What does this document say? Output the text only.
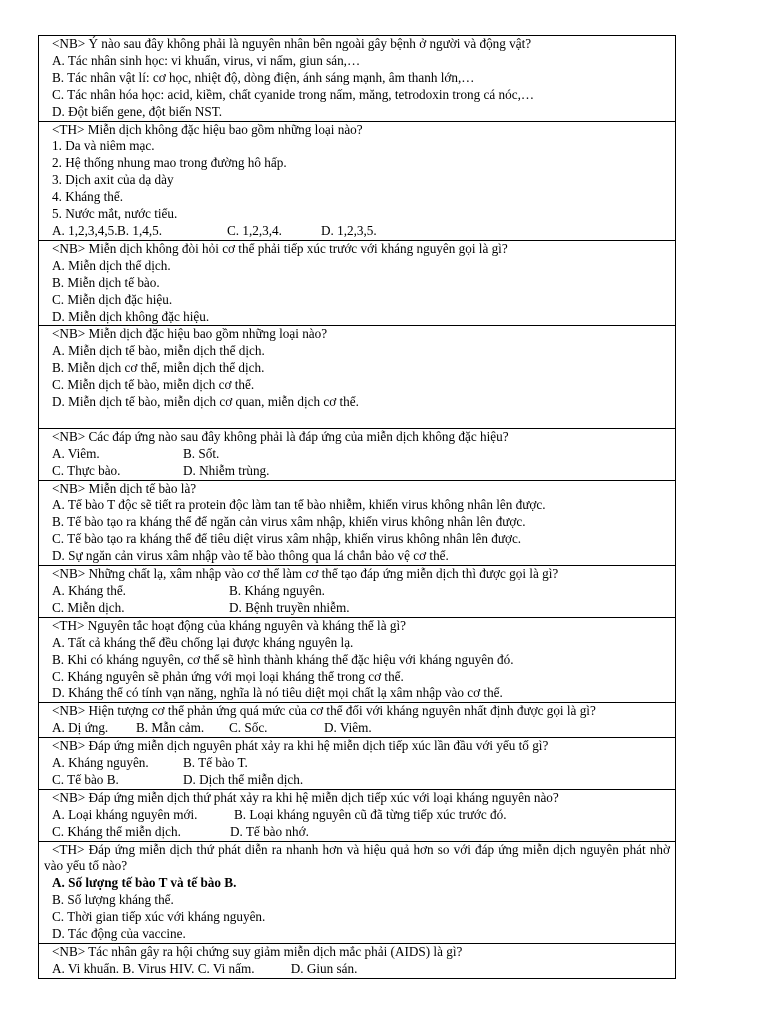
<NB> Ý nào sau đây không phải là nguyên nhân bên ngoài gây bệnh ở người và động vật?
A. Tác nhân sinh học: vi khuẩn, virus, vi nấm, giun sán,…
B. Tác nhân vật lí: cơ học, nhiệt độ, dòng điện, ánh sáng mạnh, âm thanh lớn,…
C. Tác nhân hóa học: acid, kiềm, chất cyanide trong nấm, măng, tetrodoxin trong cá nóc,…
D. Đột biến gene, đột biến NST.

<TH> Miễn dịch không đặc hiệu bao gồm những loại nào?
1. Da và niêm mạc.
2. Hệ thống nhung mao trong đường hô hấp.
3. Dịch axit của dạ dày
4. Kháng thể.
5. Nước mắt, nước tiểu.
A. 1,2,3,4,5.B. 1,4,5.	C. 1,2,3,4.	D. 1,2,3,5.

<NB> Miễn dịch không đòi hỏi cơ thể phải tiếp xúc trước với kháng nguyên gọi là gì?
A. Miễn dịch thể dịch.
B. Miễn dịch tế bào.
C. Miễn dịch đặc hiệu.
D. Miễn dịch không đặc hiệu.

<NB> Miễn dịch đặc hiệu bao gồm những loại nào?
A. Miễn dịch tế bào, miễn dịch thể dịch.
B. Miễn dịch cơ thể, miễn dịch thể dịch.
C. Miễn dịch tế bào, miễn dịch cơ thể.
D. Miễn dịch tế bào, miễn dịch cơ quan, miễn dịch cơ thể.

<NB> Các đáp ứng nào sau đây không phải là đáp ứng của miễn dịch không đặc hiệu?
A. Viêm.	B. Sốt.
C. Thực bào.	D. Nhiễm trùng.

<NB> Miễn dịch tế bào là?
A. Tế bào T độc sẽ tiết ra protein độc làm tan tế bào nhiễm, khiến virus không nhân lên được.
B. Tế bào tạo ra kháng thể để ngăn cản virus xâm nhập, khiến virus không nhân lên được.
C. Tế bào tạo ra kháng thể để tiêu diệt virus xâm nhập, khiến virus không nhân lên được.
D. Sự ngăn cản virus xâm nhập vào tế bào thông qua lá chắn bảo vệ cơ thể.

<NB> Những chất lạ, xâm nhập vào cơ thể làm cơ thể tạo đáp ứng miễn dịch thì được gọi là gì?
A. Kháng thể.	B. Kháng nguyên.
C. Miễn dịch.	D. Bệnh truyền nhiễm.

<TH> Nguyên tắc hoạt động của kháng nguyên và kháng thể là gì?
A. Tất cả kháng thể đều chống lại được kháng nguyên lạ.
B. Khi có kháng nguyên, cơ thể sẽ hình thành kháng thể đặc hiệu với kháng nguyên đó.
C. Kháng nguyên sẽ phản ứng với mọi loại kháng thể trong cơ thể.
D. Kháng thể có tính vạn năng, nghĩa là nó tiêu diệt mọi chất lạ xâm nhập vào cơ thể.

<NB> Hiện tượng cơ thể phản ứng quá mức của cơ thể đối với kháng nguyên nhất định được gọi là gì?
A. Dị ứng. B. Mẫn cảm. C. Sốc.	D. Viêm.

<NB> Đáp ứng miễn dịch nguyên phát xảy ra khi hệ miễn dịch tiếp xúc lần đầu với yếu tố gì?
A. Kháng nguyên.	B. Tế bào T.
C. Tế bào B.	D. Dịch thể miễn dịch.

<NB> Đáp ứng miễn dịch thứ phát xảy ra khi hệ miễn dịch tiếp xúc với loại kháng nguyên nào?
A. Loại kháng nguyên mới.	B. Loại kháng nguyên cũ đã từng tiếp xúc trước đó.
C. Kháng thể miễn dịch.	D. Tế bào nhớ.

<TH> Đáp ứng miễn dịch thứ phát diễn ra nhanh hơn và hiệu quả hơn so với đáp ứng miễn dịch nguyên phát nhờ vào yếu tố nào?
A. Số lượng tế bào T và tế bào B.
B. Số lượng kháng thể.
C. Thời gian tiếp xúc với kháng nguyên.
D. Tác động của vaccine.

<NB> Tác nhân gây ra hội chứng suy giảm miễn dịch mắc phải (AIDS) là gì?
A. Vi khuẩn. B. Virus HIV. C. Vi nấm.	D. Giun sán.
